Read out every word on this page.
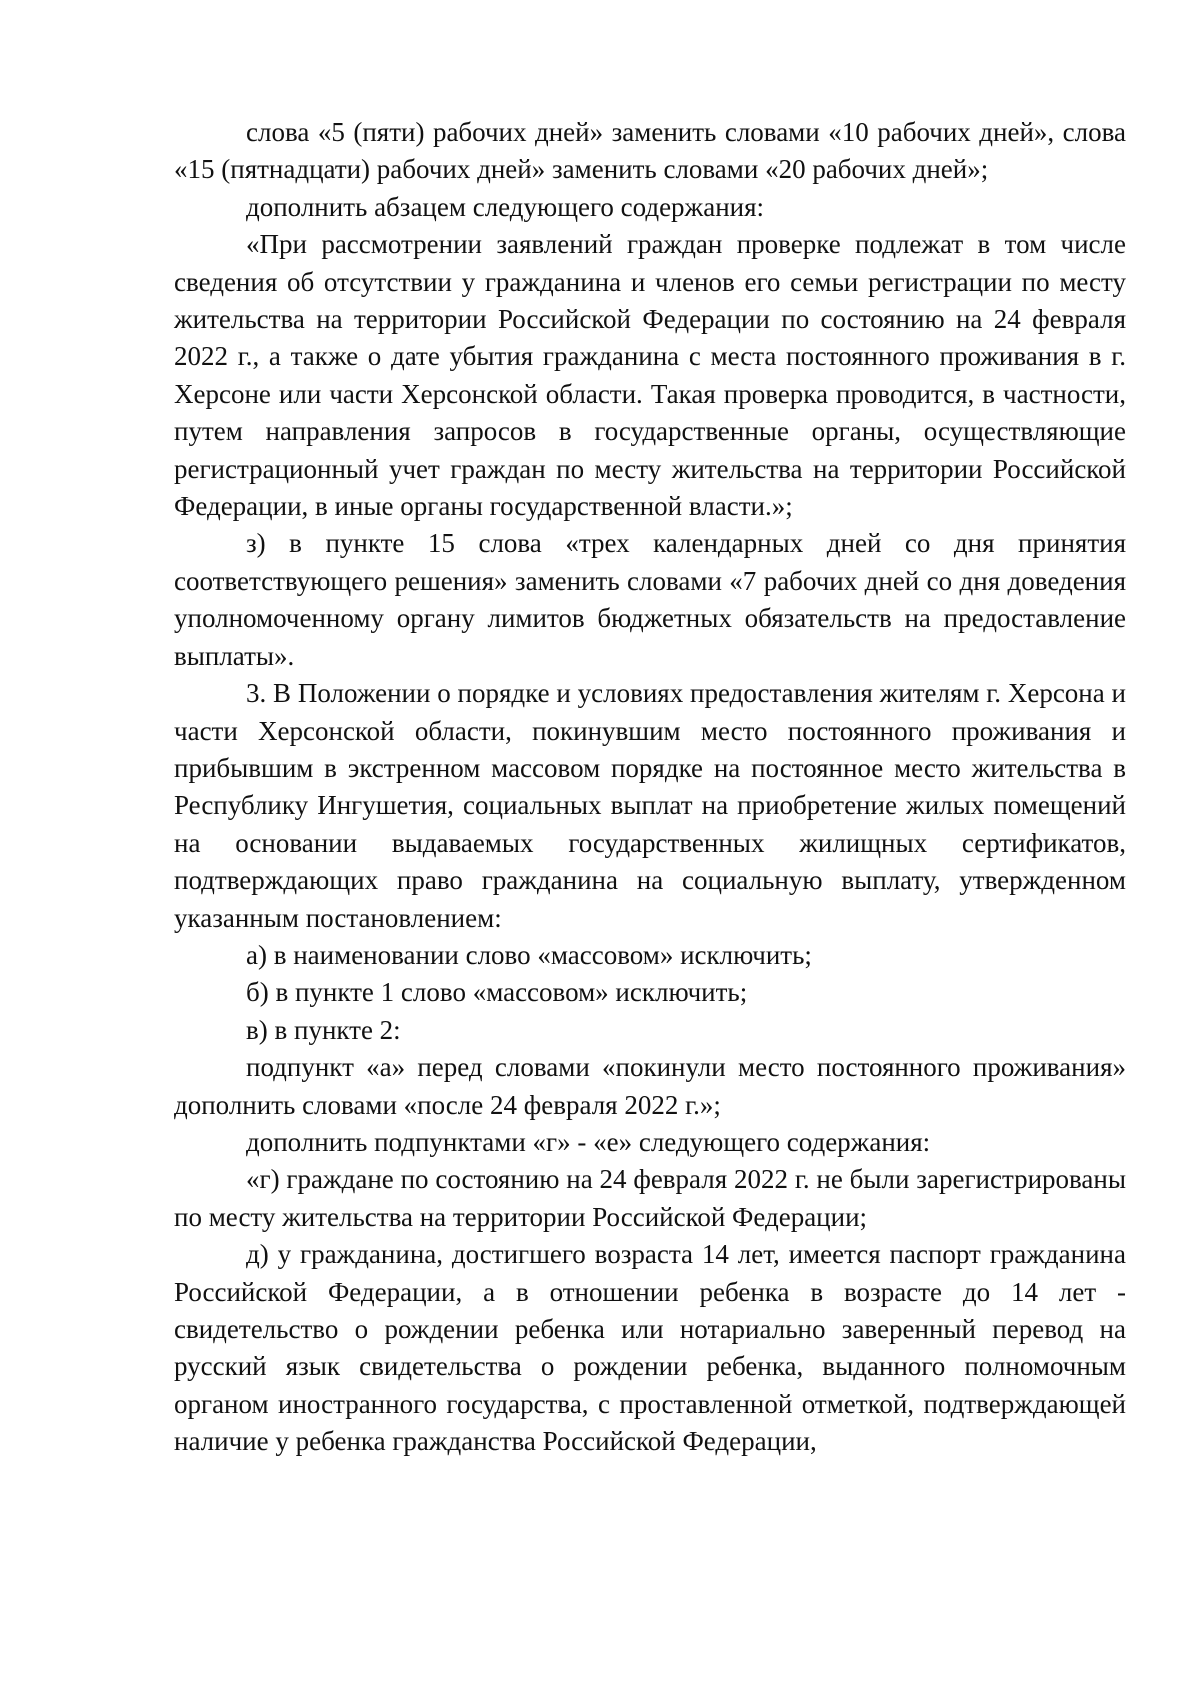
слова «5 (пяти) рабочих дней» заменить словами «10 рабочих дней», слова «15 (пятнадцати) рабочих дней» заменить словами «20 рабочих дней»;

дополнить абзацем следующего содержания:

«При рассмотрении заявлений граждан проверке подлежат в том числе сведения об отсутствии у гражданина и членов его семьи регистрации по месту жительства на территории Российской Федерации по состоянию на 24 февраля 2022 г., а также о дате убытия гражданина с места постоянного проживания в г. Херсоне или части Херсонской области. Такая проверка проводится, в частности, путем направления запросов в государственные органы, осуществляющие регистрационный учет граждан по месту жительства на территории Российской Федерации, в иные органы государственной власти.»;

з) в пункте 15 слова «трех календарных дней со дня принятия соответствующего решения» заменить словами «7 рабочих дней со дня доведения уполномоченному органу лимитов бюджетных обязательств на предоставление выплаты».

3. В Положении о порядке и условиях предоставления жителям г. Херсона и части Херсонской области, покинувшим место постоянного проживания и прибывшим в экстренном массовом порядке на постоянное место жительства в Республику Ингушетия, социальных выплат на приобретение жилых помещений на основании выдаваемых государственных жилищных сертификатов, подтверждающих право гражданина на социальную выплату, утвержденном указанным постановлением:

а) в наименовании слово «массовом» исключить;

б) в пункте 1 слово «массовом» исключить;

в) в пункте 2:

подпункт «а» перед словами «покинули место постоянного проживания» дополнить словами «после 24 февраля 2022 г.»;

дополнить подпунктами «г» - «е» следующего содержания:

«г) граждане по состоянию на 24 февраля 2022 г. не были зарегистрированы по месту жительства на территории Российской Федерации;

д) у гражданина, достигшего возраста 14 лет, имеется паспорт гражданина Российской Федерации, а в отношении ребенка в возрасте до 14 лет - свидетельство о рождении ребенка или нотариально заверенный перевод на русский язык свидетельства о рождении ребенка, выданного полномочным органом иностранного государства, с проставленной отметкой, подтверждающей наличие у ребенка гражданства Российской Федерации,
